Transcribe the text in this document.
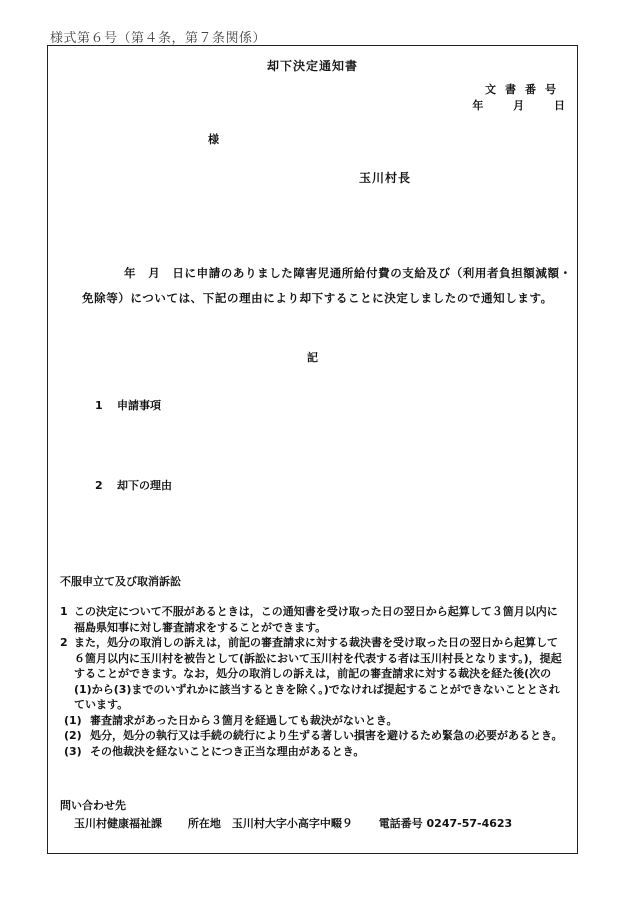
様式第６号（第４条，第７条関係）
却下決定通知書
文書番号
年	月	日
様
玉川村長

年　月　日に申請のありました障害児通所給付費の支給及び（利用者負担額減額・免除等）については、下記の理由により却下することに決定しましたので通知します。

記
1 申請事項
2 却下の理由
不服申立て及び取消訴訟
1 この決定について不服があるときは，この通知書を受け取った日の翌日から起算して３箇月以内に福島県知事に対し審査請求をすることができます。
2 また，処分の取消しの訴えは，前記の審査請求に対する裁決書を受け取った日の翌日から起算して６箇月以内に玉川村を被告として(訴訟において玉川村を代表する者は玉川村長となります。)，提起することができます。なお，処分の取消しの訴えは，前記の審査請求に対する裁決を経た後(次の(1)から(3)までのいずれかに該当するときを除く。)でなければ提起することができないこととされています。
(1) 審査請求があった日から３箇月を経過しても裁決がないとき。
(2) 処分，処分の執行又は手続の続行により生ずる著しい損害を避けるため緊急の必要があるとき。
(3) その他裁決を経ないことにつき正当な理由があるとき。
問い合わせ先
玉川村健康福祉課 所在地　玉川村大字小高字中畷９ 電話番号 0247-57-4623
